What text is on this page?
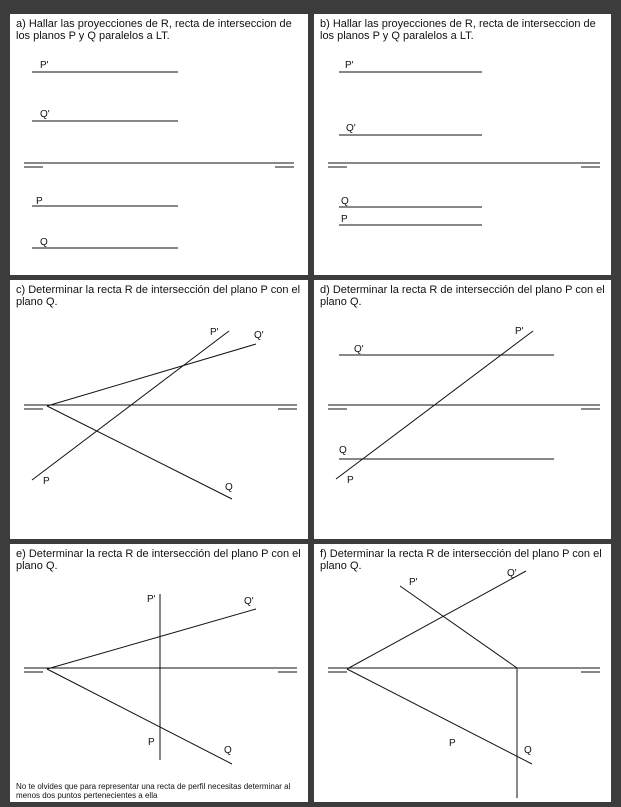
a) Hallar las proyecciones de R, recta de interseccion de los planos P y Q paralelos a LT.
P'
Q'
P
Q
b) Hallar las proyecciones de R, recta de interseccion de los planos P y Q paralelos a LT.
P'
Q'
Q
P
c) Determinar la recta R de intersección del plano P con el plano Q.
P'	Q'
P
Q
d) Determinar la recta R de intersección del plano P con el plano Q.
P'
Q'
Q
P
e) Determinar la recta R de intersección del plano P con el plano Q.
P'	Q'
P
Q
No te olvides que para representar una recta de perfil necesitas determinar al menos dos puntos pertenecientes a ella
f) Determinar la recta R de intersección del plano P con el plano Q.
P'
Q'
P
Q
